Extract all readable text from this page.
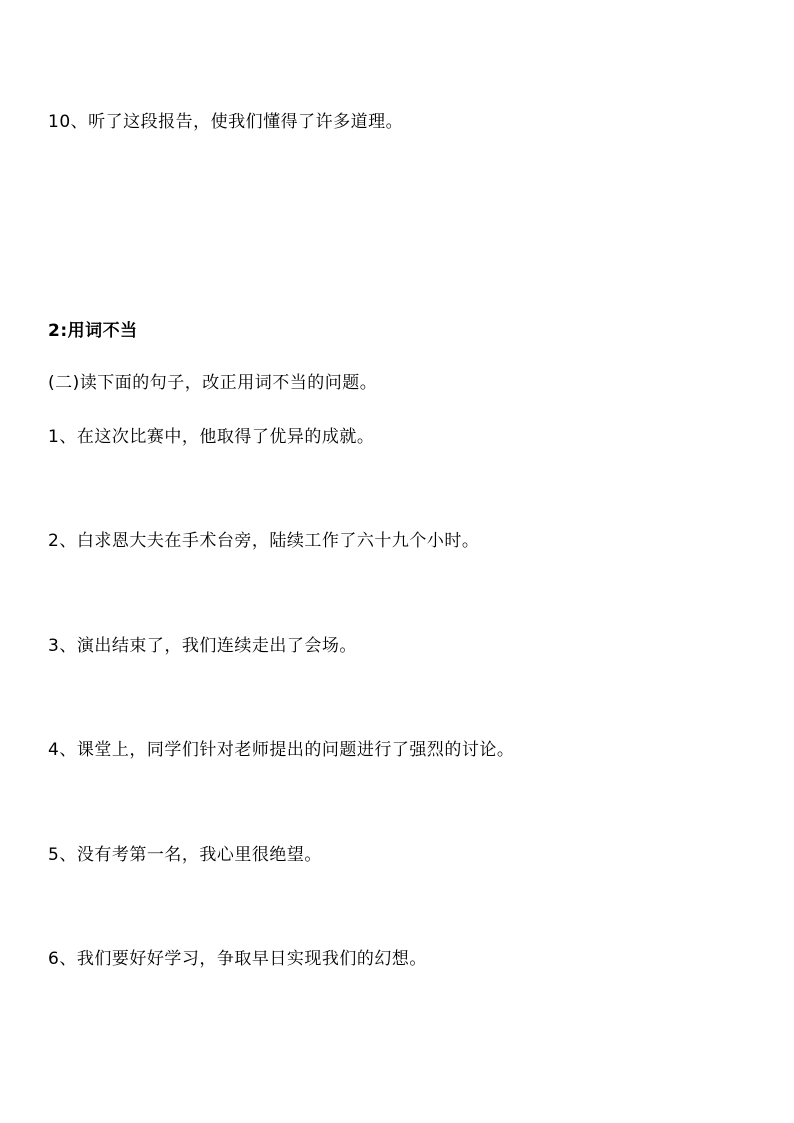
10、听了这段报告，使我们懂得了许多道理。
2:用词不当
(二)读下面的句子，改正用词不当的问题。
1、在这次比赛中，他取得了优异的成就。
2、白求恩大夫在手术台旁，陆续工作了六十九个小时。
3、演出结束了，我们连续走出了会场。
4、课堂上，同学们针对老师提出的问题进行了强烈的讨论。
5、没有考第一名，我心里很绝望。
6、我们要好好学习，争取早日实现我们的幻想。
